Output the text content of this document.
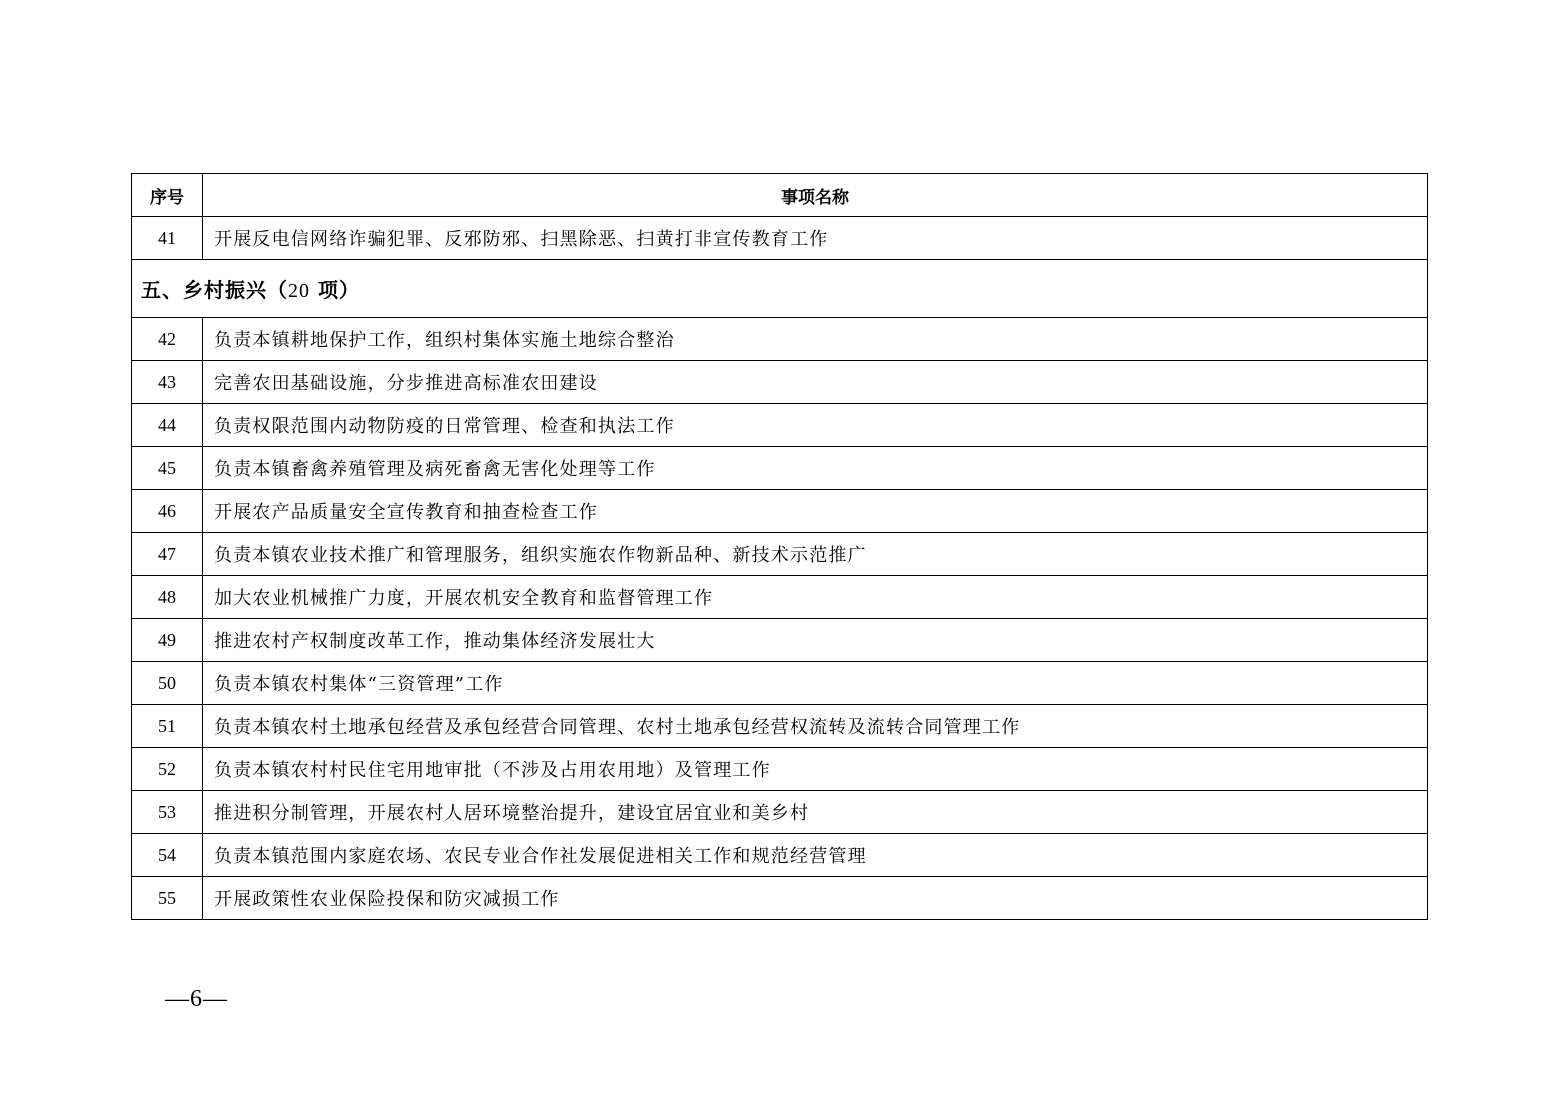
序号	事项名称
41	开展反电信网络诈骗犯罪、反邪防邪、扫黑除恶、扫黄打非宣传教育工作
五、乡村振兴（20 项）	
42	负责本镇耕地保护工作，组织村集体实施土地综合整治
43	完善农田基础设施，分步推进高标准农田建设
44	负责权限范围内动物防疫的日常管理、检查和执法工作
45	负责本镇畜禽养殖管理及病死畜禽无害化处理等工作
46	开展农产品质量安全宣传教育和抽查检查工作
47	负责本镇农业技术推广和管理服务，组织实施农作物新品种、新技术示范推广
48	加大农业机械推广力度，开展农机安全教育和监督管理工作
49	推进农村产权制度改革工作，推动集体经济发展壮大
50	负责本镇农村集体“三资管理”工作
51	负责本镇农村土地承包经营及承包经营合同管理、农村土地承包经营权流转及流转合同管理工作
52	负责本镇农村村民住宅用地审批（不涉及占用农用地）及管理工作
53	推进积分制管理，开展农村人居环境整治提升，建设宜居宜业和美乡村
54	负责本镇范围内家庭农场、农民专业合作社发展促进相关工作和规范经营管理
55	开展政策性农业保险投保和防灾减损工作
—6—
